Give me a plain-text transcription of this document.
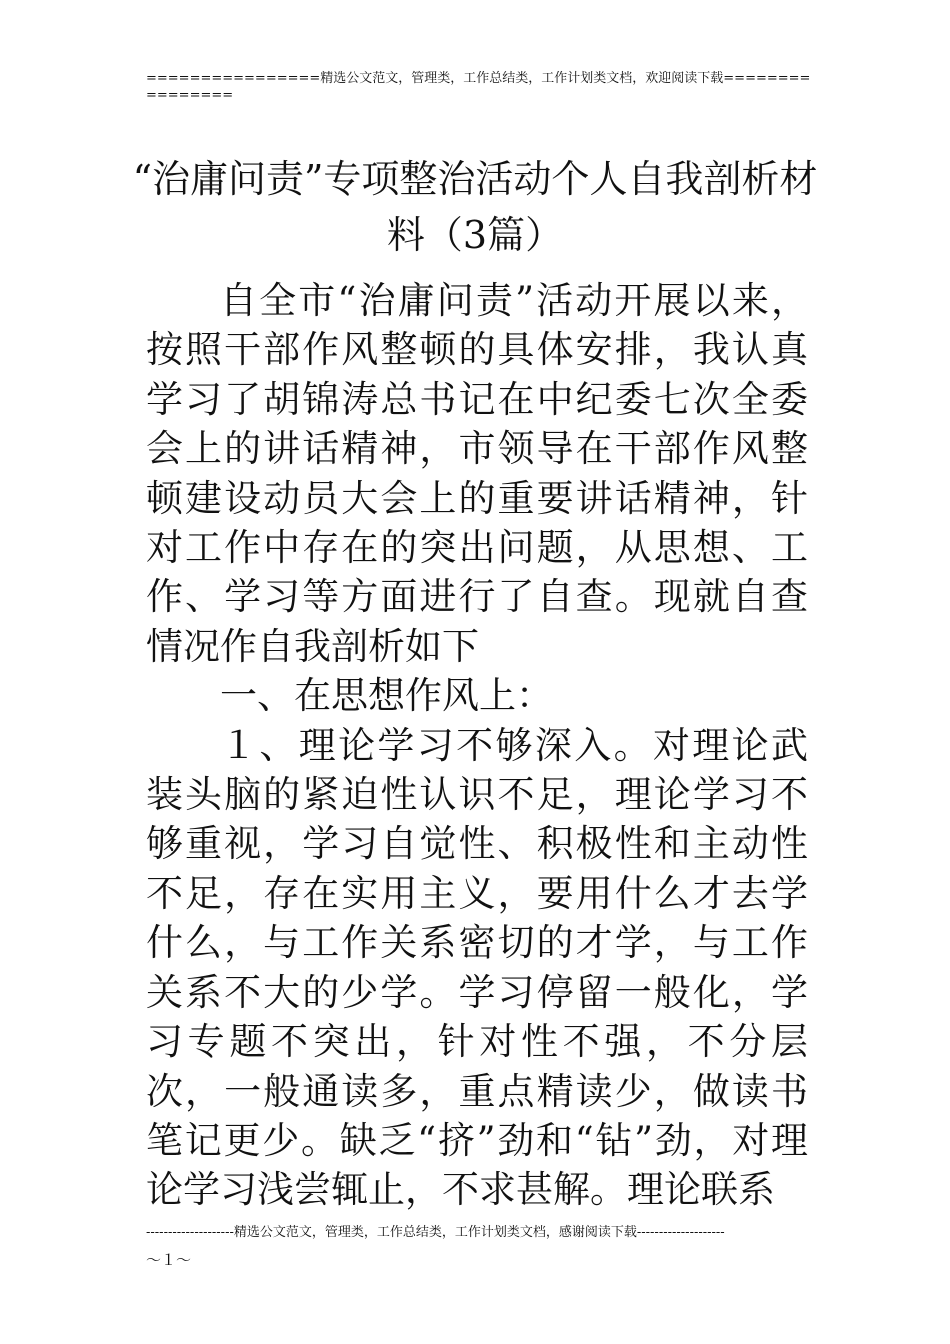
================精选公文范文，管理类，工作总结类，工作计划类文档，欢迎阅读下载================
“治庸问责”专项整治活动个人自我剖析材料（3篇）

自全市“治庸问责”活动开展以来，按照干部作风整顿的具体安排，我认真学习了胡锦涛总书记在中纪委七次全委会上的讲话精神，市领导在干部作风整顿建设动员大会上的重要讲话精神，针对工作中存在的突出问题，从思想、工作、学习等方面进行了自查。现就自查情况作自我剖析如下

一、在思想作风上：

１、理论学习不够深入。对理论武装头脑的紧迫性认识不足，理论学习不够重视，学习自觉性、积极性和主动性不足，存在实用主义，要用什么才去学什么，与工作关系密切的才学，与工作关系不大的少学。学习停留一般化，学习专题不突出，针对性不强，不分层次，一般通读多，重点精读少，做读书笔记更少。缺乏“挤”劲和“钻”劲，对理论学习浅尝辄止，不求甚解。理论联系

--------------------精选公文范文，管理类，工作总结类，工作计划类文档，感谢阅读下载--------------------
～１～
